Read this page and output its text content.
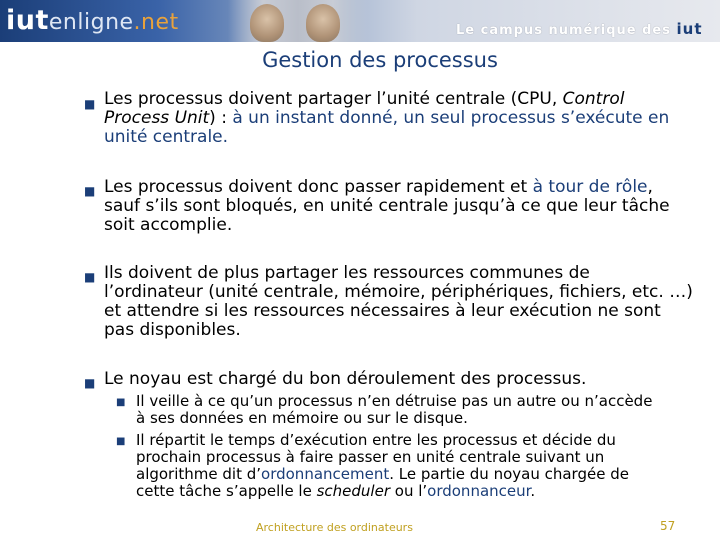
iutenligne.net	Le campus numérique des iut
Gestion des processus
■ Les processus doivent partager l’unité centrale (CPU, Control Process Unit) : à un instant donné, un seul processus s’exécute en unité centrale.
■ Les processus doivent donc passer rapidement et à tour de rôle, sauf s’ils sont bloqués, en unité centrale jusqu’à ce que leur tâche soit accomplie.
■ Ils doivent de plus partager les ressources communes de l’ordinateur (unité centrale, mémoire, périphériques, fichiers, etc. …) et attendre si les ressources nécessaires à leur exécution ne sont pas disponibles.
■ Le noyau est chargé du bon déroulement des processus.
■ Il veille à ce qu’un processus n’en détruise pas un autre ou n’accède à ses données en mémoire ou sur le disque.
■ Il répartit le temps d’exécution entre les processus et décide du prochain processus à faire passer en unité centrale suivant un algorithme dit d’ordonnancement. Le partie du noyau chargée de cette tâche s’appelle le scheduler ou l’ordonnanceur.
Architecture des ordinateurs	57
